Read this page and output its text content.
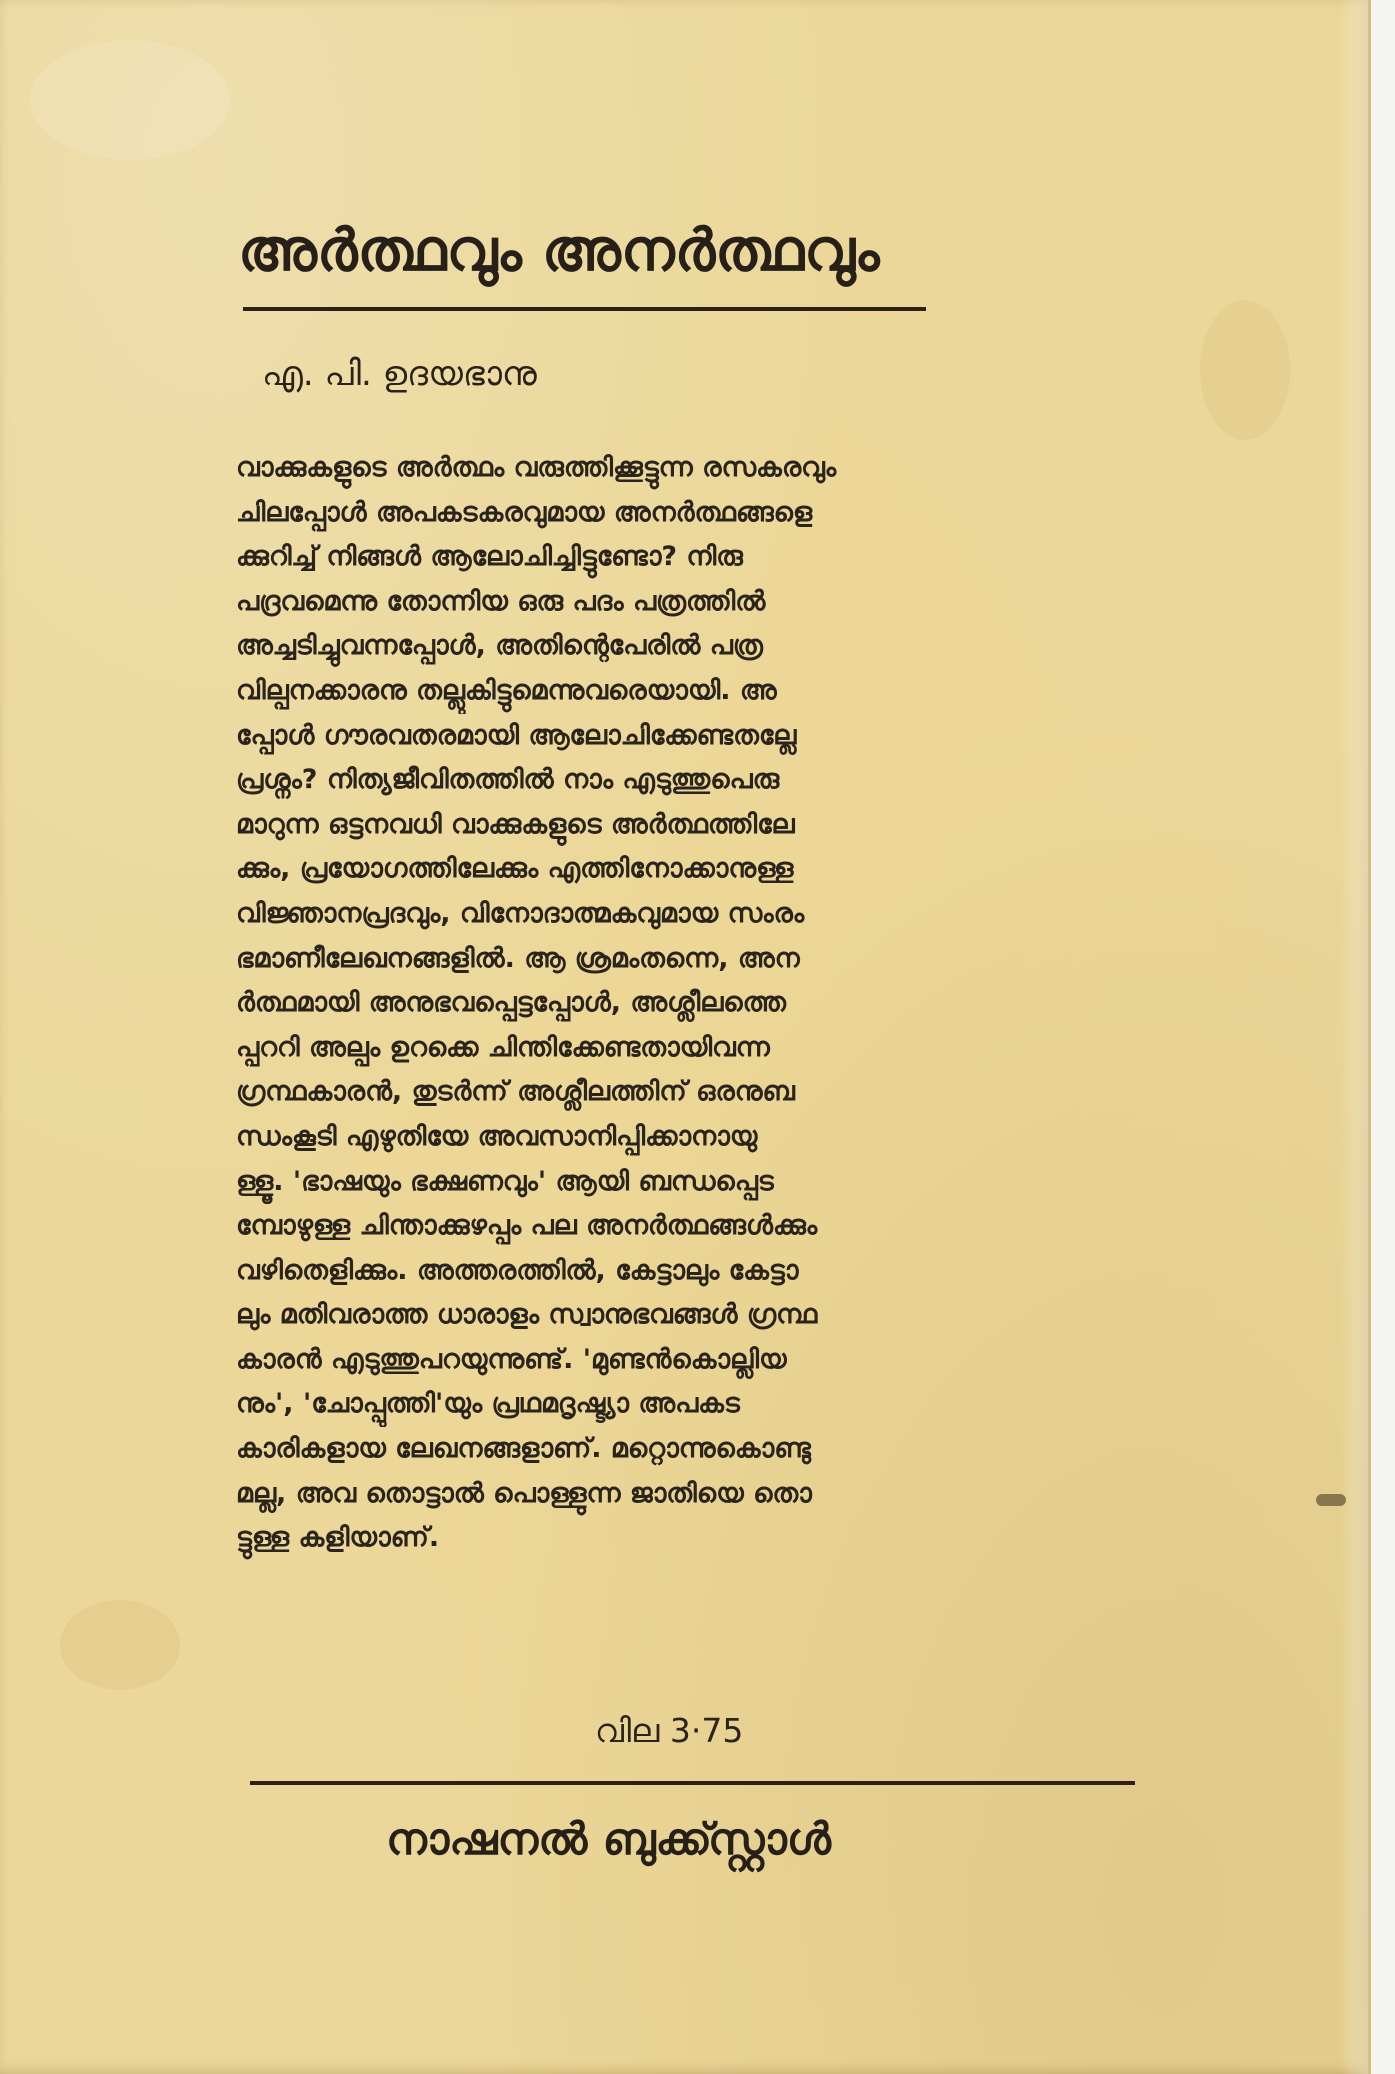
അർത്ഥവും അനർത്ഥവും
എ. പി. ഉദയഭാനു
വാക്കുകളുടെ അർത്ഥം വരുത്തിക്കൂട്ടുന്ന രസകരവും
ചിലപ്പോൾ അപകടകരവുമായ അനർത്ഥങ്ങളെ
ക്കുറിച്ച് നിങ്ങൾ ആലോചിച്ചിട്ടുണ്ടോ? നിരു
പദ്രവമെന്നു തോന്നിയ ഒരു പദം പത്രത്തിൽ
അച്ചടിച്ചുവന്നപ്പോൾ, അതിന്റെപേരിൽ പത്ര
വില്പനക്കാരനു തല്ലുകിട്ടുമെന്നുവരെയായി. അ
പ്പോൾ ഗൗരവതരമായി ആലോചിക്കേണ്ടതല്ലേ
പ്രശ്നം? നിത്യജീവിതത്തിൽ നാം എടുത്തുപെരു
മാറുന്ന ഒട്ടനവധി വാക്കുകളുടെ അർത്ഥത്തിലേ
ക്കും, പ്രയോഗത്തിലേക്കും എത്തിനോക്കാനുള്ള
വിജ്ഞാനപ്രദവും, വിനോദാത്മകവുമായ സംരം
ഭമാണീലേഖനങ്ങളിൽ. ആ ശ്രമംതന്നെ, അന
ർത്ഥമായി അനുഭവപ്പെട്ടപ്പോൾ, അശ്ലീലത്തെ
പ്പററി അല്പം ഉറക്കെ ചിന്തിക്കേണ്ടതായിവന്ന
ഗ്രന്ഥകാരൻ, തുടർന്ന് അശ്ലീലത്തിന് ഒരനുബ
ന്ധംകൂടി എഴുതിയേ അവസാനിപ്പിക്കാനായു
ള്ളൂ. 'ഭാഷയും ഭക്ഷണവും' ആയി ബന്ധപ്പെട
മ്പോഴുള്ള ചിന്താക്കുഴപ്പം പല അനർത്ഥങ്ങൾക്കും
വഴിതെളിക്കും. അത്തരത്തിൽ, കേട്ടാലും കേട്ടാ
ലും മതിവരാത്ത ധാരാളം സ്വാനുഭവങ്ങൾ ഗ്രന്ഥ
കാരൻ എടുത്തുപറയുന്നുണ്ട്. 'മുണ്ടൻകൊല്ലിയ
നും', 'ചോപ്പുത്തി'യും പ്രഥമദൃഷ്ട്യാ അപകട
കാരികളായ ലേഖനങ്ങളാണ്. മറ്റൊന്നുകൊണ്ടു
മല്ല, അവ തൊട്ടാൽ പൊള്ളുന്ന ജാതിയെ തൊ
ട്ടുള്ള കളിയാണ്.
വില 3·75
നാഷനൽ ബുക്ക്സ്റ്റാൾ
